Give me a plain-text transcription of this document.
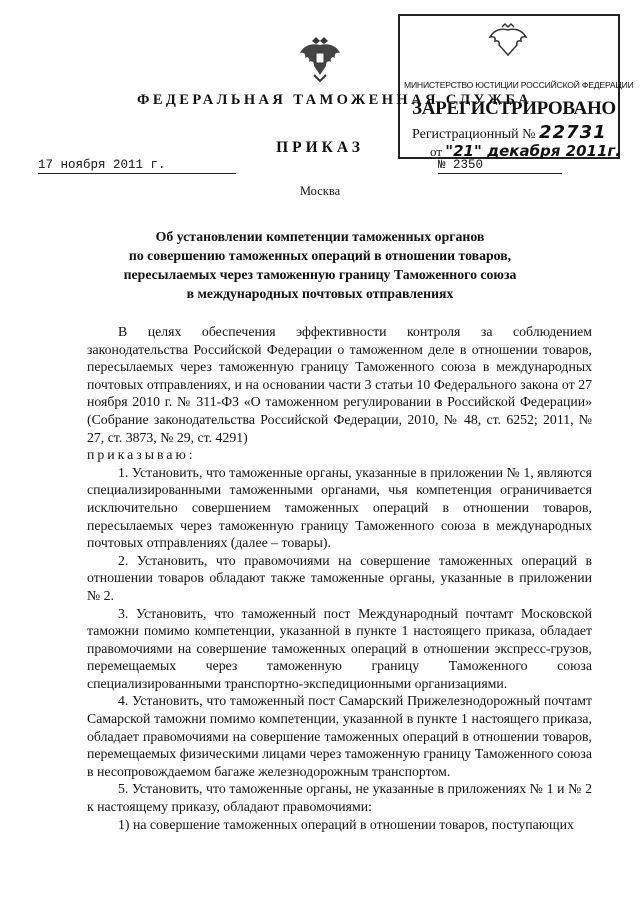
МИНИСТЕРСТВО ЮСТИЦИИ РОССИЙСКОЙ ФЕДЕРАЦИИ
ЗАРЕГИСТРИРОВАНО
Регистрационный № 22731
от "21" декабря 2011г.
ФЕДЕРАЛЬНАЯ ТАМОЖЕННАЯ СЛУЖБА
ПРИКАЗ
17 ноября 2011 г.	№ 2350
Москва
Об установлении компетенции таможенных органов
по совершению таможенных операций в отношении товаров,
пересылаемых через таможенную границу Таможенного союза
в международных почтовых отправлениях

В целях обеспечения эффективности контроля за соблюдением законодательства Российской Федерации о таможенном деле в отношении товаров, пересылаемых через таможенную границу Таможенного союза в международных почтовых отправлениях, и на основании части 3 статьи 10 Федерального закона от 27 ноября 2010 г. № 311-ФЗ «О таможенном регулировании в Российской Федерации» (Собрание законодательства Российской Федерации, 2010, № 48, ст. 6252; 2011, № 27, ст. 3873, № 29, ст. 4291)

приказываю:

1. Установить, что таможенные органы, указанные в приложении № 1, являются специализированными таможенными органами, чья компетенция ограничивается исключительно совершением таможенных операций в отношении товаров, пересылаемых через таможенную границу Таможенного союза в международных почтовых отправлениях (далее – товары).

2. Установить, что правомочиями на совершение таможенных операций в отношении товаров обладают также таможенные органы, указанные в приложении № 2.

3. Установить, что таможенный пост Международный почтамт Московской таможни помимо компетенции, указанной в пункте 1 настоящего приказа, обладает правомочиями на совершение таможенных операций в отношении экспресс-грузов, перемещаемых через таможенную границу Таможенного союза специализированными транспортно-экспедиционными организациями.

4. Установить, что таможенный пост Самарский Прижелезнодорожный почтамт Самарской таможни помимо компетенции, указанной в пункте 1 настоящего приказа, обладает правомочиями на совершение таможенных операций в отношении товаров, перемещаемых физическими лицами через таможенную границу Таможенного союза в несопровождаемом багаже железнодорожным транспортом.

5. Установить, что таможенные органы, не указанные в приложениях № 1 и № 2 к настоящему приказу, обладают правомочиями:

1) на совершение таможенных операций в отношении товаров, поступающих
